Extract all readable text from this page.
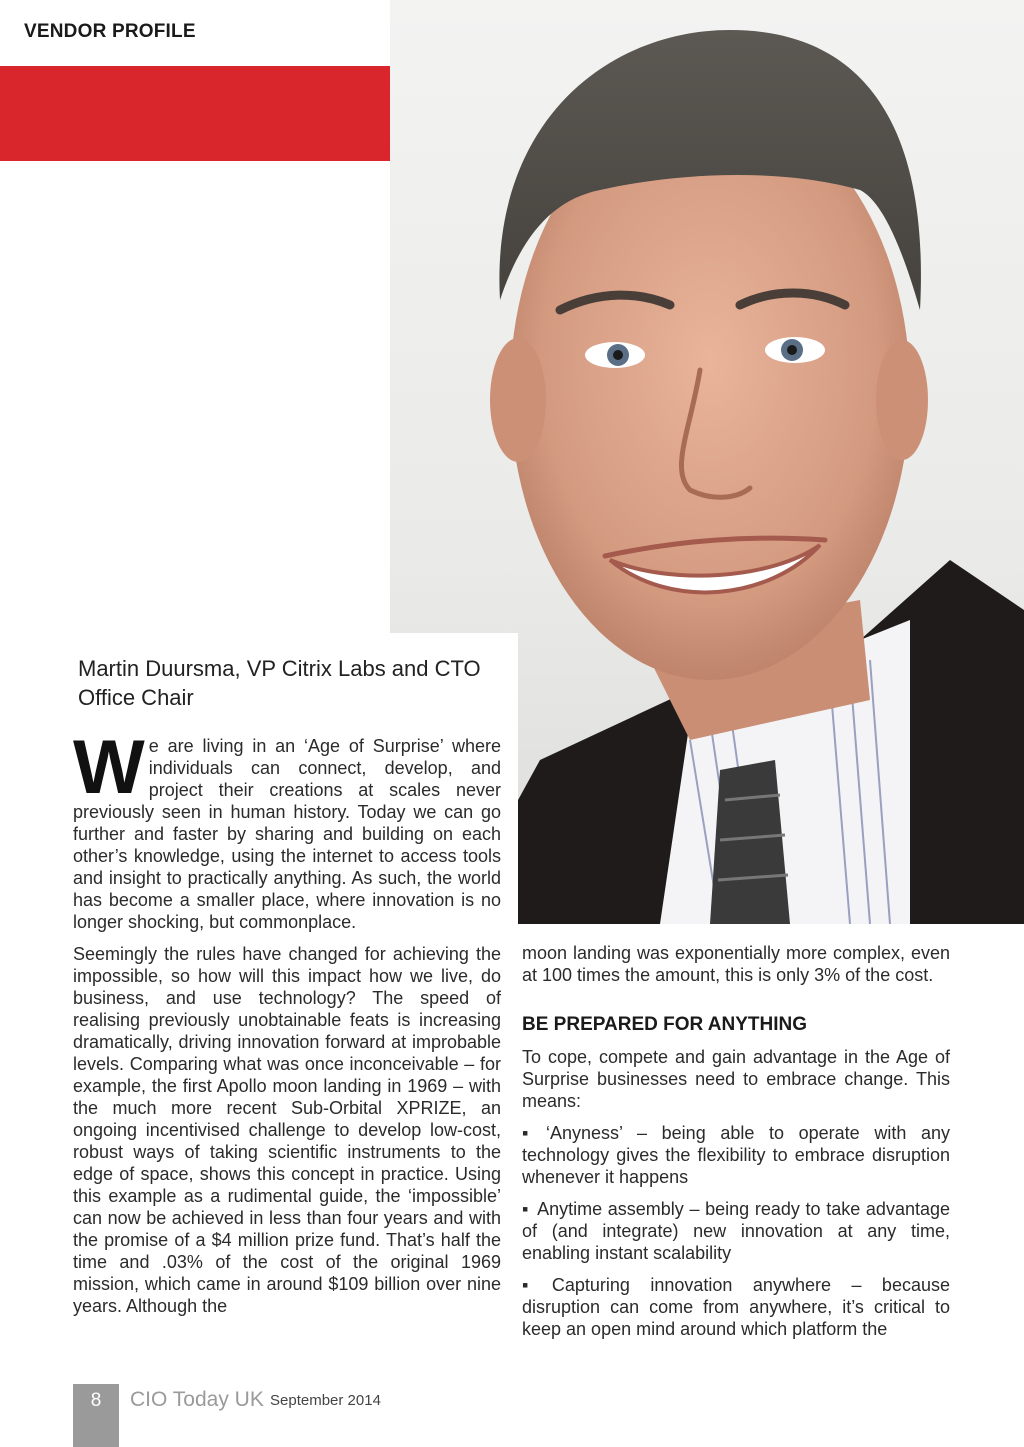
VENDOR PROFILE
Martin Duursma, VP Citrix Labs and CTO Office Chair

We are living in an ‘Age of Surprise’ where individuals can connect, develop, and project their creations at scales never previously seen in human history. Today we can go further and faster by sharing and building on each other’s knowledge, using the internet to access tools and insight to practically anything. As such, the world has become a smaller place, where innovation is no longer shocking, but commonplace.

Seemingly the rules have changed for achieving the impossible, so how will this impact how we live, do business, and use technology? The speed of realising previously unobtainable feats is increasing dramatically, driving innovation forward at improbable levels. Comparing what was once inconceivable – for example, the first Apollo moon landing in 1969 – with the much more recent Sub-Orbital XPRIZE, an ongoing incentivised challenge to develop low-cost, robust ways of taking scientific instruments to the edge of space, shows this concept in practice. Using this example as a rudimental guide, the ‘impossible’ can now be achieved in less than four years and with the promise of a $4 million prize fund. That’s half the time and .03% of the cost of the original 1969 mission, which came in around $109 billion over nine years. Although the

moon landing was exponentially more complex, even at 100 times the amount, this is only 3% of the cost.

BE PREPARED FOR ANYTHING

To cope, compete and gain advantage in the Age of Surprise businesses need to embrace change. This means:

▪ ‘Anyness’ – being able to operate with any technology gives the flexibility to embrace disruption whenever it happens

▪ Anytime assembly – being ready to take advantage of (and integrate) new innovation at any time, enabling instant scalability

▪ Capturing innovation anywhere – because disruption can come from anywhere, it’s critical to keep an open mind around which platform the

8	CIO Today UK September 2014
